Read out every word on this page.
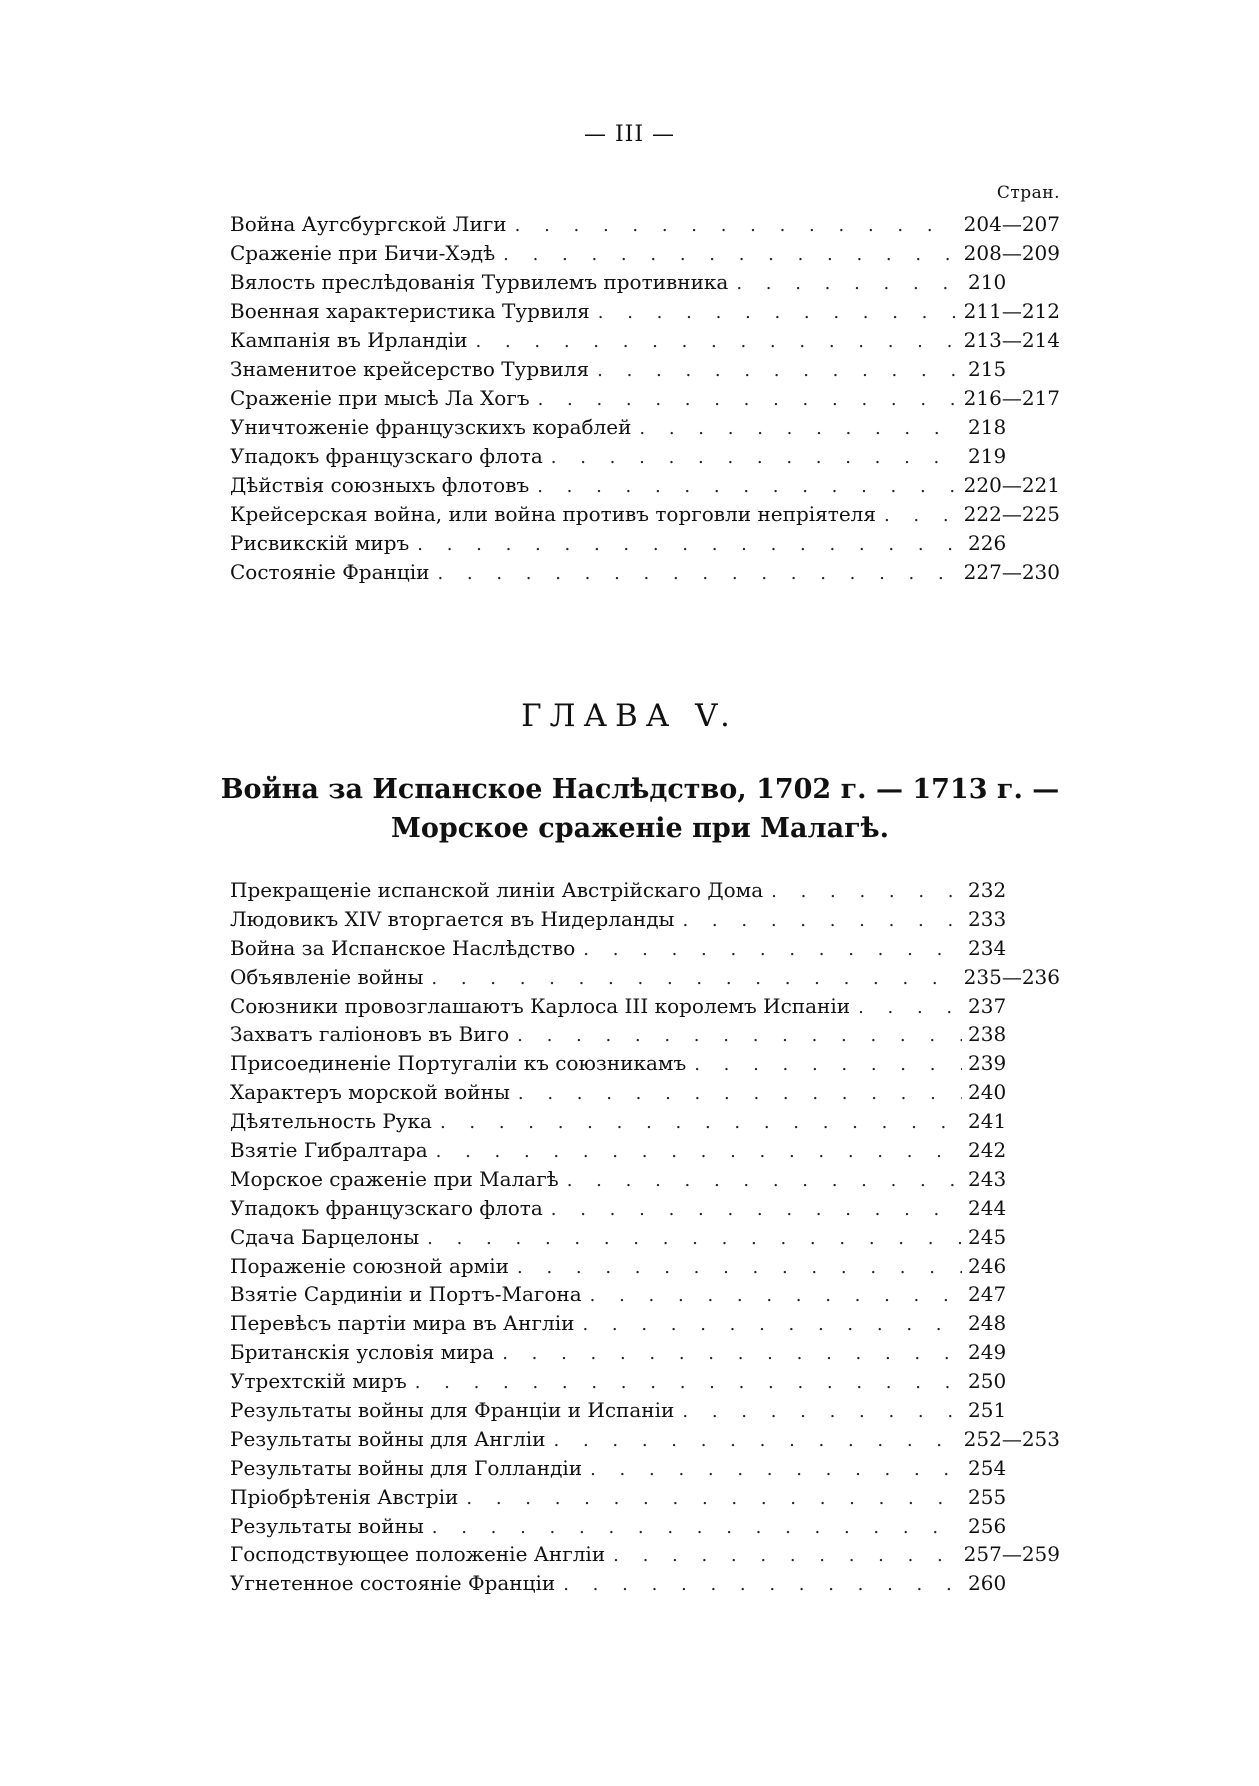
— III —
Стран.
Война Аугсбургской Лиги . . .	204—207
Сраженіе при Бичи-Хэдѣ . . .	208—209
Вялость преслѣдованія Турвилемъ противника . . .	210
Военная характеристика Турвиля . . .	211—212
Кампанія въ Ирландіи . . .	213—214
Знаменитое крейсерство Турвиля . . .	215
Сраженіе при мысѣ Ла Хогъ . . .	216—217
Уничтоженіе французскихъ кораблей . . .	218
Упадокъ французскаго флота . . .	219
Дѣйствія союзныхъ флотовъ . . .	220—221
Крейсерская война, или война противъ торговли непріятеля . . .	222—225
Рисвикскій миръ . . .	226
Состояніе Франціи . . .	227—230
ГЛАВА V.
Война за Испанское Наслѣдство, 1702 г. — 1713 г. — Морское сраженіе при Малагѣ.
Прекращеніе испанской линіи Австрійскаго Дома . . .	232
Людовикъ XIV вторгается въ Нидерланды . . .	233
Война за Испанское Наслѣдство . . .	234
Объявленіе войны . . .	235—236
Союзники провозглашаютъ Карлоса III королемъ Испаніи . . .	237
Захватъ галіоновъ въ Виго . . .	238
Присоединеніе Португаліи къ союзникамъ . . .	239
Характеръ морской войны . . .	240
Дѣятельность Рука . . .	241
Взятіе Гибралтара . . .	242
Морское сраженіе при Малагѣ . . .	243
Упадокъ французскаго флота . . .	244
Сдача Барцелоны . . .	245
Пораженіе союзной арміи . . .	246
Взятіе Сардиніи и Портъ-Магона . . .	247
Перевѣсъ партіи мира въ Англіи . . .	248
Британскія условія мира . . .	249
Утрехтскій миръ . . .	250
Результаты войны для Франціи и Испаніи . . .	251
Результаты войны для Англіи . . .	252—253
Результаты войны для Голландіи . . .	254
Пріобрѣтенія Австріи . . .	255
Результаты войны . . .	256
Господствующее положеніе Англіи . . .	257—259
Угнетенное состояніе Франціи . . .	260
